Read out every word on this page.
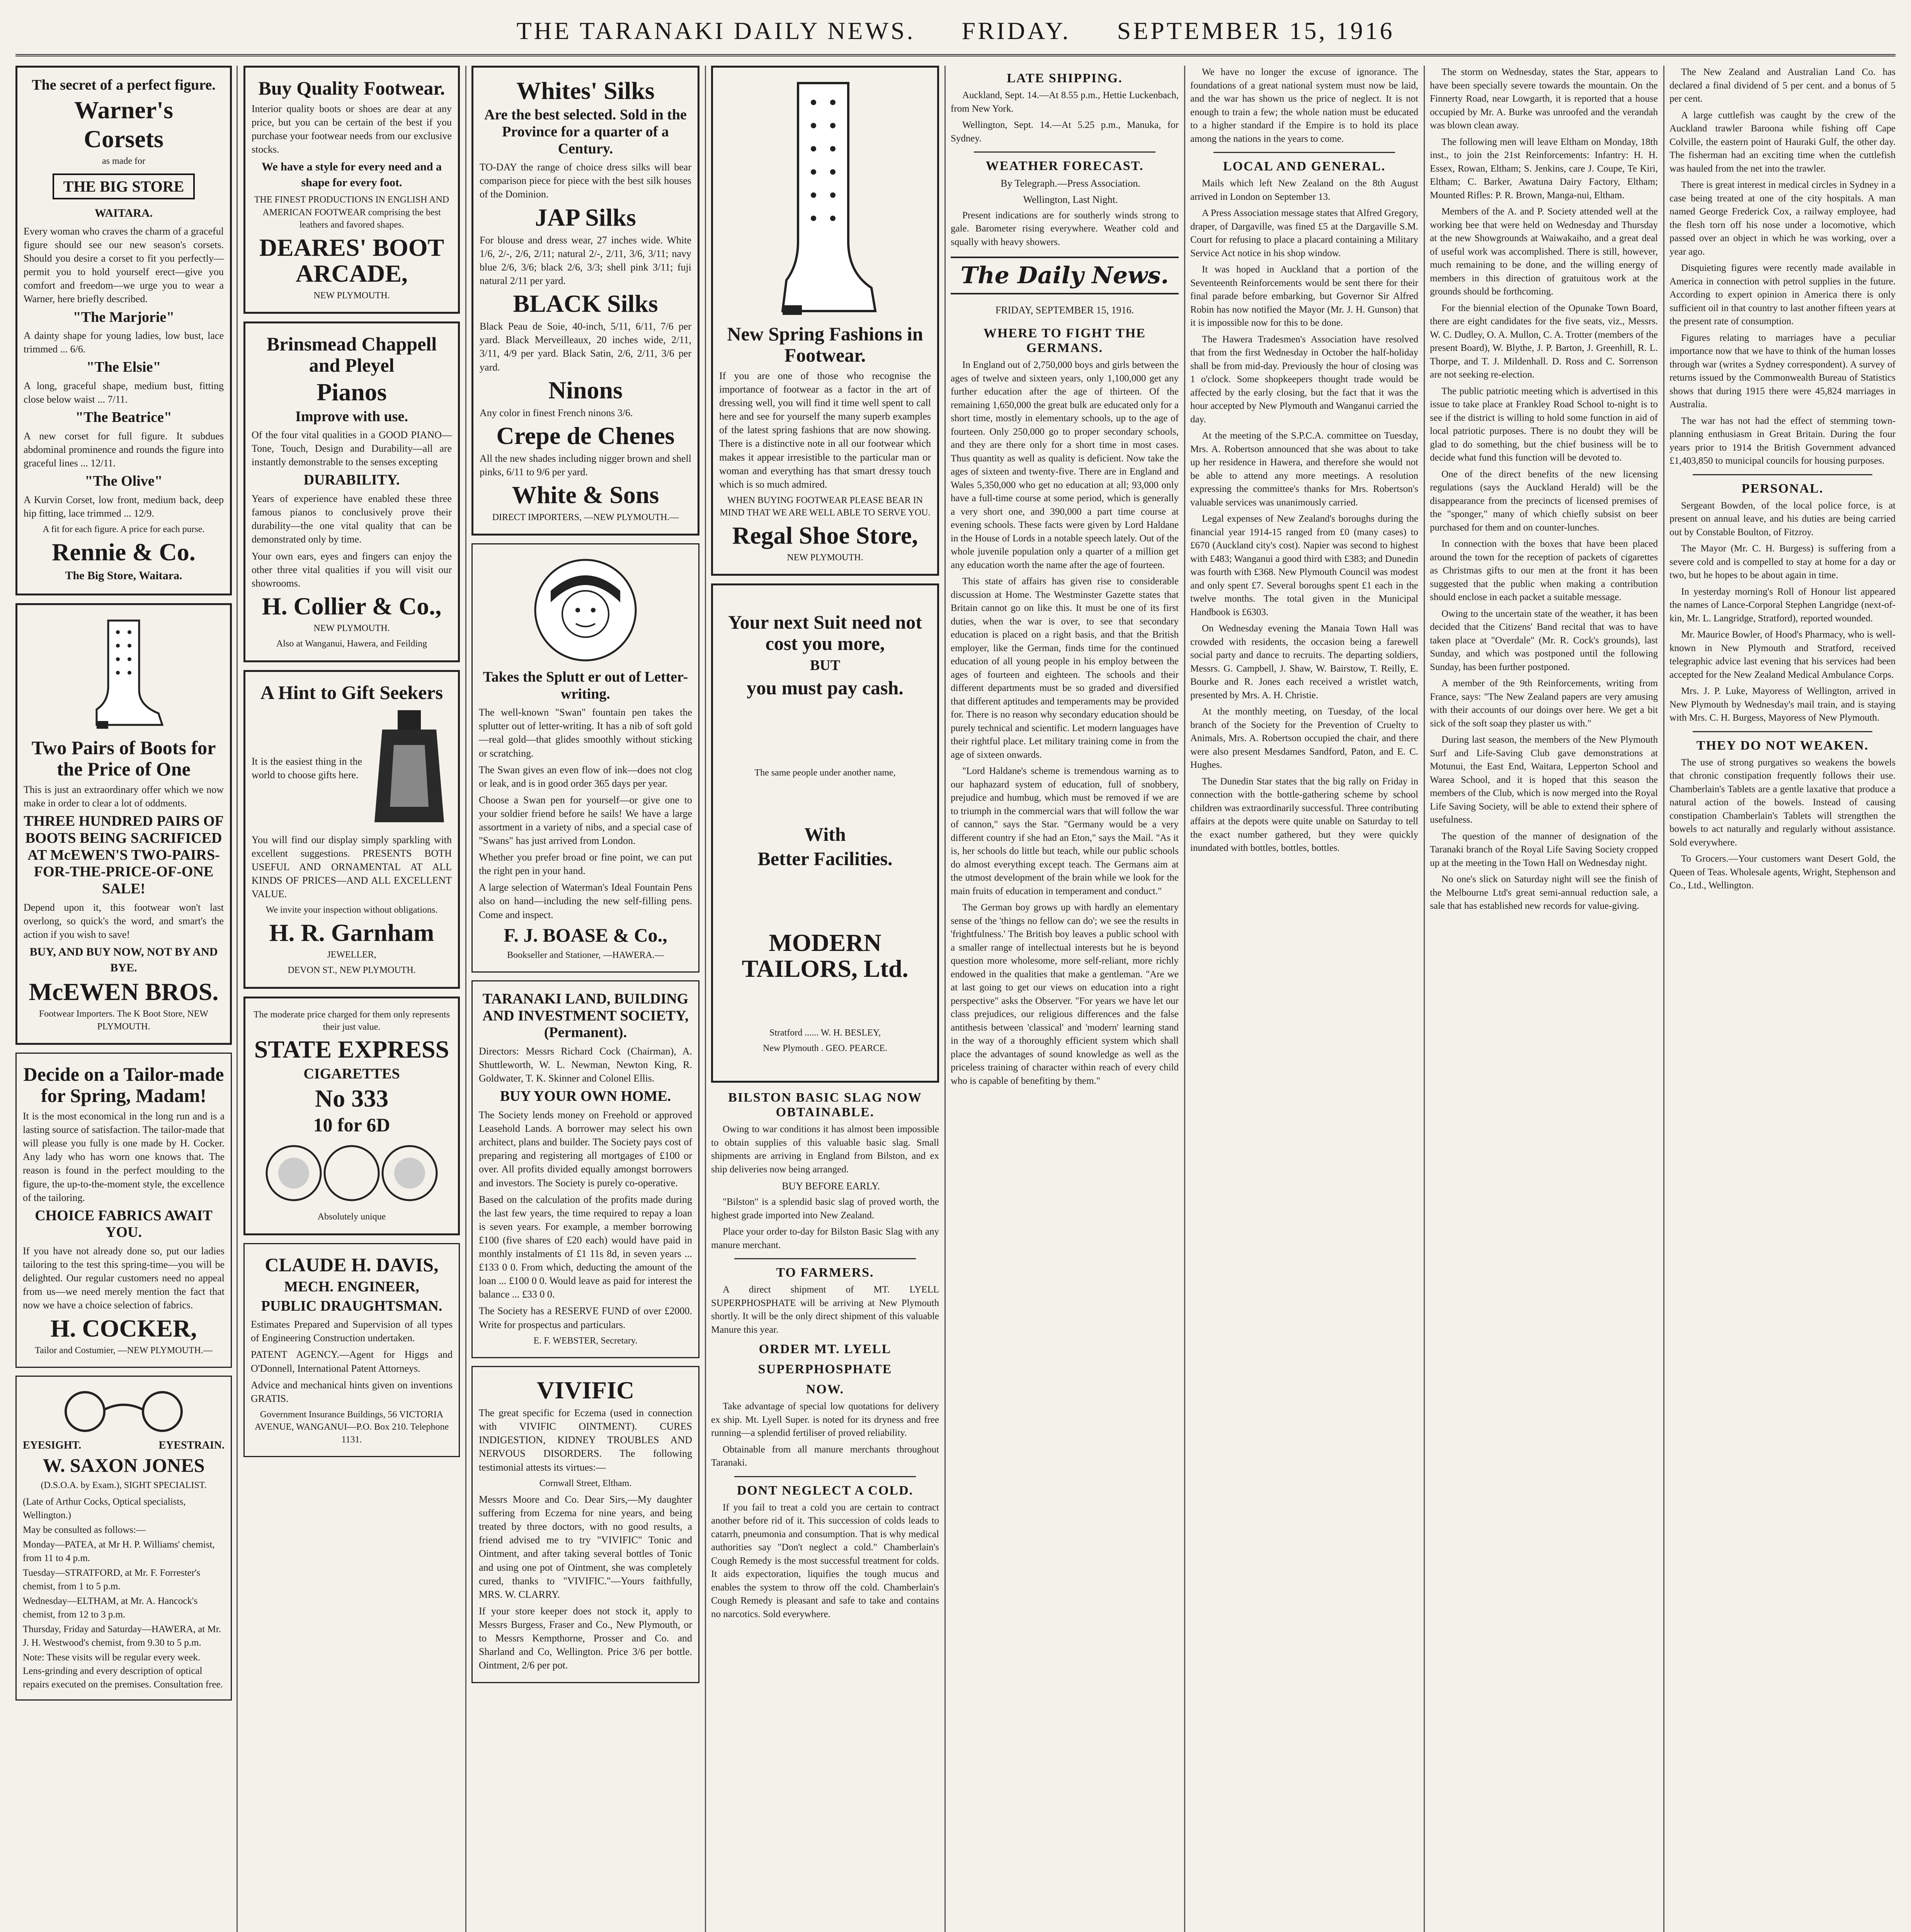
THE TARANAKI DAILY NEWS. FRIDAY. SEPTEMBER 15, 1916
The secret of a perfect figure.
Warner's
Corsets

as made for

THE BIG STORE

WAITARA.

Every woman who craves the charm of a graceful figure should see our new season's corsets. Should you desire a corset to fit you perfectly—permit you to hold yourself erect—give you comfort and freedom—we urge you to wear a Warner, here briefly described.

"The Marjorie"

A dainty shape for young ladies, low bust, lace trimmed ... 6/6.

"The Elsie"

A long, graceful shape, medium bust, fitting close below waist ... 7/11.

"The Beatrice"

A new corset for full figure. It subdues abdominal prominence and rounds the figure into graceful lines ... 12/11.

"The Olive"

A Kurvin Corset, low front, medium back, deep hip fitting, lace trimmed ... 12/9.

A fit for each figure. A price for each purse.

Rennie & Co.

The Big Store, Waitara.

Two Pairs of Boots for the Price of One

This is just an extraordinary offer which we now make in order to clear a lot of oddments.

THREE HUNDRED PAIRS OF BOOTS BEING SACRIFICED AT McEWEN'S TWO-PAIRS-FOR-THE-PRICE-OF-ONE SALE!

Depend upon it, this footwear won't last overlong, so quick's the word, and smart's the action if you wish to save!

BUY, AND BUY NOW, NOT BY AND BYE.

McEWEN BROS.

Footwear Importers. The K Boot Store, NEW PLYMOUTH.

Decide on a Tailor-made for Spring, Madam!

It is the most economical in the long run and is a lasting source of satisfaction. The tailor-made that will please you fully is one made by H. Cocker. Any lady who has worn one knows that. The reason is found in the perfect moulding to the figure, the up-to-the-moment style, the excellence of the tailoring.

CHOICE FABRICS AWAIT YOU.

If you have not already done so, put our ladies tailoring to the test this spring-time—you will be delighted. Our regular customers need no appeal from us—we need merely mention the fact that now we have a choice selection of fabrics.

H. COCKER,

Tailor and Costumier, —NEW PLYMOUTH.—

EYESIGHT.	EYESTRAIN.
W. SAXON JONES

(D.S.O.A. by Exam.), SIGHT SPECIALIST.

(Late of Arthur Cocks, Optical specialists, Wellington.)
May be consulted as follows:—
Monday—PATEA, at Mr H. P. Williams' chemist, from 11 to 4 p.m.
Tuesday—STRATFORD, at Mr. F. Forrester's chemist, from 1 to 5 p.m.
Wednesday—ELTHAM, at Mr. A. Hancock's chemist, from 12 to 3 p.m.
Thursday, Friday and Saturday—HAWERA, at Mr. J. H. Westwood's chemist, from 9.30 to 5 p.m.
Note: These visits will be regular every week. Lens-grinding and every description of optical repairs executed on the premises. Consultation free.
Buy Quality Footwear.

Interior quality boots or shoes are dear at any price, but you can be certain of the best if you purchase your footwear needs from our exclusive stocks.

We have a style for every need and a shape for every foot.

THE FINEST PRODUCTIONS IN ENGLISH AND AMERICAN FOOTWEAR comprising the best leathers and favored shapes.

DEARES' BOOT ARCADE,

NEW PLYMOUTH.

Brinsmead Chappell and Pleyel
Pianos
Improve with use.

Of the four vital qualities in a GOOD PIANO—Tone, Touch, Design and Durability—all are instantly demonstrable to the senses excepting

DURABILITY.

Years of experience have enabled these three famous pianos to conclusively prove their durability—the one vital quality that can be demonstrated only by time.

Your own ears, eyes and fingers can enjoy the other three vital qualities if you will visit our showrooms.

H. Collier & Co.,

NEW PLYMOUTH.

Also at Wanganui, Hawera, and Feilding

A Hint to Gift Seekers

It is the easiest thing in the world to choose gifts here.

You will find our display simply sparkling with excellent suggestions. PRESENTS BOTH USEFUL AND ORNAMENTAL AT ALL KINDS OF PRICES—AND ALL EXCELLENT VALUE.

We invite your inspection without obligations.

H. R. Garnham

JEWELLER,

DEVON ST., NEW PLYMOUTH.

The moderate price charged for them only represents their just value.

STATE EXPRESS
CIGARETTES
No 333
10 for 6D

Absolutely unique

CLAUDE H. DAVIS,
MECH. ENGINEER,
PUBLIC DRAUGHTSMAN.

Estimates Prepared and Supervision of all types of Engineering Construction undertaken.

PATENT AGENCY.—Agent for Higgs and O'Donnell, International Patent Attorneys.

Advice and mechanical hints given on inventions GRATIS.

Government Insurance Buildings, 56 VICTORIA AVENUE, WANGANUI—P.O. Box 210. Telephone 1131.

Whites' Silks
Are the best selected. Sold in the Province for a quarter of a Century.

TO-DAY the range of choice dress silks will bear comparison piece for piece with the best silk houses of the Dominion.

JAP Silks

For blouse and dress wear, 27 inches wide. White 1/6, 2/-, 2/6, 2/11; natural 2/-, 2/11, 3/6, 3/11; navy blue 2/6, 3/6; black 2/6, 3/3; shell pink 3/11; fuji natural 2/11 per yard.

BLACK Silks

Black Peau de Soie, 40-inch, 5/11, 6/11, 7/6 per yard. Black Merveilleaux, 20 inches wide, 2/11, 3/11, 4/9 per yard. Black Satin, 2/6, 2/11, 3/6 per yard.

Ninons

Any color in finest French ninons 3/6.

Crepe de Chenes

All the new shades including nigger brown and shell pinks, 6/11 to 9/6 per yard.

White & Sons

DIRECT IMPORTERS, —NEW PLYMOUTH.—

Takes the Splutt er out of Letter-writing.

The well-known "Swan" fountain pen takes the splutter out of letter-writing. It has a nib of soft gold—real gold—that glides smoothly without sticking or scratching.

The Swan gives an even flow of ink—does not clog or leak, and is in good order 365 days per year.

Choose a Swan pen for yourself—or give one to your soldier friend before he sails! We have a large assortment in a variety of nibs, and a special case of "Swans" has just arrived from London.

Whether you prefer broad or fine point, we can put the right pen in your hand.

A large selection of Waterman's Ideal Fountain Pens also on hand—including the new self-filling pens. Come and inspect.

F. J. BOASE & Co.,

Bookseller and Stationer, —HAWERA.—

TARANAKI LAND, BUILDING AND INVESTMENT SOCIETY, (Permanent).

Directors: Messrs Richard Cock (Chairman), A. Shuttleworth, W. L. Newman, Newton King, R. Goldwater, T. K. Skinner and Colonel Ellis.

BUY YOUR OWN HOME.

The Society lends money on Freehold or approved Leasehold Lands. A borrower may select his own architect, plans and builder. The Society pays cost of preparing and registering all mortgages of £100 or over. All profits divided equally amongst borrowers and investors. The Society is purely co-operative.

Based on the calculation of the profits made during the last few years, the time required to repay a loan is seven years. For example, a member borrowing £100 (five shares of £20 each) would have paid in monthly instalments of £1 11s 8d, in seven years ... £133 0 0. From which, deducting the amount of the loan ... £100 0 0. Would leave as paid for interest the balance ... £33 0 0.

The Society has a RESERVE FUND of over £2000. Write for prospectus and particulars.

E. F. WEBSTER, Secretary.

VIVIFIC

The great specific for Eczema (used in connection with VIVIFIC OINTMENT). CURES INDIGESTION, KIDNEY TROUBLES AND NERVOUS DISORDERS. The following testimonial attests its virtues:—

Cornwall Street, Eltham.

Messrs Moore and Co. Dear Sirs,—My daughter suffering from Eczema for nine years, and being treated by three doctors, with no good results, a friend advised me to try "VIVIFIC" Tonic and Ointment, and after taking several bottles of Tonic and using one pot of Ointment, she was completely cured, thanks to "VIVIFIC."—Yours faithfully, MRS. W. CLARRY.

If your store keeper does not stock it, apply to Messrs Burgess, Fraser and Co., New Plymouth, or to Messrs Kempthorne, Prosser and Co. and Sharland and Co, Wellington. Price 3/6 per bottle. Ointment, 2/6 per pot.

New Spring Fashions in Footwear.

If you are one of those who recognise the importance of footwear as a factor in the art of dressing well, you will find it time well spent to call here and see for yourself the many superb examples of the latest spring fashions that are now showing. There is a distinctive note in all our footwear which makes it appear irresistible to the particular man or woman and everything has that smart dressy touch which is so much admired.

WHEN BUYING FOOTWEAR PLEASE BEAR IN MIND THAT WE ARE WELL ABLE TO SERVE YOU.

Regal Shoe Store,

NEW PLYMOUTH.

Your next Suit need not cost you more,
BUT
you must pay cash.

The same people under another name,

With
Better Facilities.
MODERN TAILORS, Ltd.

Stratford ...... W. H. BESLEY,

New Plymouth . GEO. PEARCE.

BILSTON BASIC SLAG NOW OBTAINABLE.

Owing to war conditions it has almost been impossible to obtain supplies of this valuable basic slag. Small shipments are arriving in England from Bilston, and ex ship deliveries now being arranged.

BUY BEFORE EARLY.

"Bilston" is a splendid basic slag of proved worth, the highest grade imported into New Zealand.

Place your order to-day for Bilston Basic Slag with any manure merchant.

TO FARMERS.

A direct shipment of MT. LYELL SUPERPHOSPHATE will be arriving at New Plymouth shortly. It will be the only direct shipment of this valuable Manure this year.

ORDER MT. LYELL
SUPERPHOSPHATE
NOW.

Take advantage of special low quotations for delivery ex ship. Mt. Lyell Super. is noted for its dryness and free running—a splendid fertiliser of proved reliability.

Obtainable from all manure merchants throughout Taranaki.

DONT NEGLECT A COLD.

If you fail to treat a cold you are certain to contract another before rid of it. This succession of colds leads to catarrh, pneumonia and consumption. That is why medical authorities say "Don't neglect a cold." Chamberlain's Cough Remedy is the most successful treatment for colds. It aids expectoration, liquifies the tough mucus and enables the system to throw off the cold. Chamberlain's Cough Remedy is pleasant and safe to take and contains no narcotics. Sold everywhere.

LATE SHIPPING.

Auckland, Sept. 14.—At 8.55 p.m., Hettie Luckenbach, from New York.

Wellington, Sept. 14.—At 5.25 p.m., Manuka, for Sydney.

WEATHER FORECAST.

By Telegraph.—Press Association.

Wellington, Last Night.

Present indications are for southerly winds strong to gale. Barometer rising everywhere. Weather cold and squally with heavy showers.

The Daily News.

FRIDAY, SEPTEMBER 15, 1916.

WHERE TO FIGHT THE GERMANS.

In England out of 2,750,000 boys and girls between the ages of twelve and sixteen years, only 1,100,000 get any further education after the age of thirteen. Of the remaining 1,650,000 the great bulk are educated only for a short time, mostly in elementary schools, up to the age of fourteen. Only 250,000 go to proper secondary schools, and they are there only for a short time in most cases. Thus quantity as well as quality is deficient. Now take the ages of sixteen and twenty-five. There are in England and Wales 5,350,000 who get no education at all; 93,000 only have a full-time course at some period, which is generally a very short one, and 390,000 a part time course at evening schools. These facts were given by Lord Haldane in the House of Lords in a notable speech lately. Out of the whole juvenile population only a quarter of a million get any education worth the name after the age of fourteen.

This state of affairs has given rise to considerable discussion at Home. The Westminster Gazette states that Britain cannot go on like this. It must be one of its first duties, when the war is over, to see that secondary education is placed on a right basis, and that the British employer, like the German, finds time for the continued education of all young people in his employ between the ages of fourteen and eighteen. The schools and their different departments must be so graded and diversified that different aptitudes and temperaments may be provided for. There is no reason why secondary education should be purely technical and scientific. Let modern languages have their rightful place. Let military training come in from the age of sixteen onwards.

"Lord Haldane's scheme is tremendous warning as to our haphazard system of education, full of snobbery, prejudice and humbug, which must be removed if we are to triumph in the commercial wars that will follow the war of cannon," says the Star. "Germany would be a very different country if she had an Eton," says the Mail. "As it is, her schools do little but teach, while our public schools do almost everything except teach. The Germans aim at the utmost development of the brain while we look for the main fruits of education in temperament and conduct."

The German boy grows up with hardly an elementary sense of the 'things no fellow can do'; we see the results in 'frightfulness.' The British boy leaves a public school with a smaller range of intellectual interests but he is beyond question more wholesome, more self-reliant, more richly endowed in the qualities that make a gentleman. "Are we at last going to get our views on education into a right perspective" asks the Observer. "For years we have let our class prejudices, our religious differences and the false antithesis between 'classical' and 'modern' learning stand in the way of a thoroughly efficient system which shall place the advantages of sound knowledge as well as the priceless training of character within reach of every child who is capable of benefiting by them."

We have no longer the excuse of ignorance. The foundations of a great national system must now be laid, and the war has shown us the price of neglect. It is not enough to train a few; the whole nation must be educated to a higher standard if the Empire is to hold its place among the nations in the years to come.

LOCAL AND GENERAL.

Mails which left New Zealand on the 8th August arrived in London on September 13.

A Press Association message states that Alfred Gregory, draper, of Dargaville, was fined £5 at the Dargaville S.M. Court for refusing to place a placard containing a Military Service Act notice in his shop window.

It was hoped in Auckland that a portion of the Seventeenth Reinforcements would be sent there for their final parade before embarking, but Governor Sir Alfred Robin has now notified the Mayor (Mr. J. H. Gunson) that it is impossible now for this to be done.

The Hawera Tradesmen's Association have resolved that from the first Wednesday in October the half-holiday shall be from mid-day. Previously the hour of closing was 1 o'clock. Some shopkeepers thought trade would be affected by the early closing, but the fact that it was the hour accepted by New Plymouth and Wanganui carried the day.

At the meeting of the S.P.C.A. committee on Tuesday, Mrs. A. Robertson announced that she was about to take up her residence in Hawera, and therefore she would not be able to attend any more meetings. A resolution expressing the committee's thanks for Mrs. Robertson's valuable services was unanimously carried.

Legal expenses of New Zealand's boroughs during the financial year 1914-15 ranged from £0 (many cases) to £670 (Auckland city's cost). Napier was second to highest with £483; Wanganui a good third with £383; and Dunedin was fourth with £368. New Plymouth Council was modest and only spent £7. Several boroughs spent £1 each in the twelve months. The total given in the Municipal Handbook is £6303.

On Wednesday evening the Manaia Town Hall was crowded with residents, the occasion being a farewell social party and dance to recruits. The departing soldiers, Messrs. G. Campbell, J. Shaw, W. Bairstow, T. Reilly, E. Bourke and R. Jones each received a wristlet watch, presented by Mrs. A. H. Christie.

At the monthly meeting, on Tuesday, of the local branch of the Society for the Prevention of Cruelty to Animals, Mrs. A. Robertson occupied the chair, and there were also present Mesdames Sandford, Paton, and E. C. Hughes.

The Dunedin Star states that the big rally on Friday in connection with the bottle-gathering scheme by school children was extraordinarily successful. Three contributing affairs at the depots were quite unable on Saturday to tell the exact number gathered, but they were quickly inundated with bottles, bottles, bottles.

The storm on Wednesday, states the Star, appears to have been specially severe towards the mountain. On the Finnerty Road, near Lowgarth, it is reported that a house occupied by Mr. A. Burke was unroofed and the verandah was blown clean away.

The following men will leave Eltham on Monday, 18th inst., to join the 21st Reinforcements: Infantry: H. H. Essex, Rowan, Eltham; S. Jenkins, care J. Coupe, Te Kiri, Eltham; C. Barker, Awatuna Dairy Factory, Eltham; Mounted Rifles: P. R. Brown, Manga-nui, Eltham.

Members of the A. and P. Society attended well at the working bee that were held on Wednesday and Thursday at the new Showgrounds at Waiwakaiho, and a great deal of useful work was accomplished. There is still, however, much remaining to be done, and the willing energy of members in this direction of gratuitous work at the grounds should be forthcoming.

For the biennial election of the Opunake Town Board, there are eight candidates for the five seats, viz., Messrs. W. C. Dudley, O. A. Mullon, C. A. Trotter (members of the present Board), W. Blythe, J. P. Barton, J. Greenhill, R. L. Thorpe, and T. J. Mildenhall. D. Ross and C. Sorrenson are not seeking re-election.

The public patriotic meeting which is advertised in this issue to take place at Frankley Road School to-night is to see if the district is willing to hold some function in aid of local patriotic purposes. There is no doubt they will be glad to do something, but the chief business will be to decide what fund this function will be devoted to.

One of the direct benefits of the new licensing regulations (says the Auckland Herald) will be the disappearance from the precincts of licensed premises of the "sponger," many of which chiefly subsist on beer purchased for them and on counter-lunches.

In connection with the boxes that have been placed around the town for the reception of packets of cigarettes as Christmas gifts to our men at the front it has been suggested that the public when making a contribution should enclose in each packet a suitable message.

Owing to the uncertain state of the weather, it has been decided that the Citizens' Band recital that was to have taken place at "Overdale" (Mr. R. Cock's grounds), last Sunday, and which was postponed until the following Sunday, has been further postponed.

A member of the 9th Reinforcements, writing from France, says: "The New Zealand papers are very amusing with their accounts of our doings over here. We get a bit sick of the soft soap they plaster us with."

During last season, the members of the New Plymouth Surf and Life-Saving Club gave demonstrations at Motunui, the East End, Waitara, Lepperton School and Warea School, and it is hoped that this season the members of the Club, which is now merged into the Royal Life Saving Society, will be able to extend their sphere of usefulness.

The question of the manner of designation of the Taranaki branch of the Royal Life Saving Society cropped up at the meeting in the Town Hall on Wednesday night.

No one's slick on Saturday night will see the finish of the Melbourne Ltd's great semi-annual reduction sale, a sale that has established new records for value-giving.

The New Zealand and Australian Land Co. has declared a final dividend of 5 per cent. and a bonus of 5 per cent.

A large cuttlefish was caught by the crew of the Auckland trawler Baroona while fishing off Cape Colville, the eastern point of Hauraki Gulf, the other day. The fisherman had an exciting time when the cuttlefish was hauled from the net into the trawler.

There is great interest in medical circles in Sydney in a case being treated at one of the city hospitals. A man named George Frederick Cox, a railway employee, had the flesh torn off his nose under a locomotive, which passed over an object in which he was working, over a year ago.

Disquieting figures were recently made available in America in connection with petrol supplies in the future. According to expert opinion in America there is only sufficient oil in that country to last another fifteen years at the present rate of consumption.

Figures relating to marriages have a peculiar importance now that we have to think of the human losses through war (writes a Sydney correspondent). A survey of returns issued by the Commonwealth Bureau of Statistics shows that during 1915 there were 45,824 marriages in Australia.

The war has not had the effect of stemming town-planning enthusiasm in Great Britain. During the four years prior to 1914 the British Government advanced £1,403,850 to municipal councils for housing purposes.

PERSONAL.

Sergeant Bowden, of the local police force, is at present on annual leave, and his duties are being carried out by Constable Boulton, of Fitzroy.

The Mayor (Mr. C. H. Burgess) is suffering from a severe cold and is compelled to stay at home for a day or two, but he hopes to be about again in time.

In yesterday morning's Roll of Honour list appeared the names of Lance-Corporal Stephen Langridge (next-of-kin, Mr. L. Langridge, Stratford), reported wounded.

Mr. Maurice Bowler, of Hood's Pharmacy, who is well-known in New Plymouth and Stratford, received telegraphic advice last evening that his services had been accepted for the New Zealand Medical Ambulance Corps.

Mrs. J. P. Luke, Mayoress of Wellington, arrived in New Plymouth by Wednesday's mail train, and is staying with Mrs. C. H. Burgess, Mayoress of New Plymouth.

THEY DO NOT WEAKEN.

The use of strong purgatives so weakens the bowels that chronic constipation frequently follows their use. Chamberlain's Tablets are a gentle laxative that produce a natural action of the bowels. Instead of causing constipation Chamberlain's Tablets will strengthen the bowels to act naturally and regularly without assistance. Sold everywhere.

To Grocers.—Your customers want Desert Gold, the Queen of Teas. Wholesale agents, Wright, Stephenson and Co., Ltd., Wellington.
